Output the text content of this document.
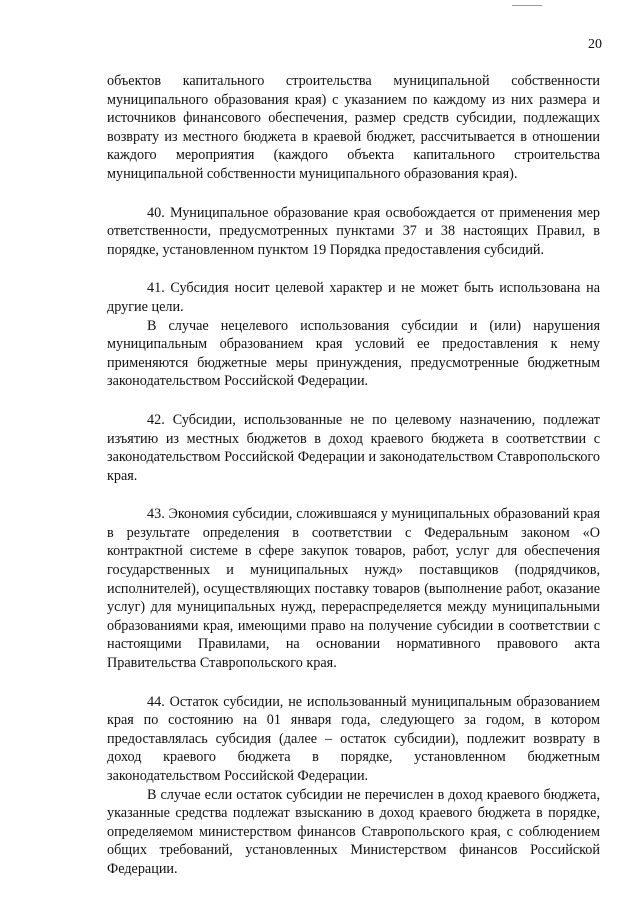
20

объектов капитального строительства муниципальной собственности муниципального образования края) с указанием по каждому из них размера и источников финансового обеспечения, размер средств субсидии, подлежащих возврату из местного бюджета в краевой бюджет, рассчитывается в отношении каждого мероприятия (каждого объекта капитального строительства муниципальной собственности муниципального образования края).

40. Муниципальное образование края освобождается от применения мер ответственности, предусмотренных пунктами 37 и 38 настоящих Правил, в порядке, установленном пунктом 19 Порядка предоставления субсидий.

41. Субсидия носит целевой характер и не может быть использована на другие цели.

В случае нецелевого использования субсидии и (или) нарушения муниципальным образованием края условий ее предоставления к нему применяются бюджетные меры принуждения, предусмотренные бюджетным законодательством Российской Федерации.

42. Субсидии, использованные не по целевому назначению, подлежат изъятию из местных бюджетов в доход краевого бюджета в соответствии с законодательством Российской Федерации и законодательством Ставропольского края.

43. Экономия субсидии, сложившаяся у муниципальных образований края в результате определения в соответствии с Федеральным законом «О контрактной системе в сфере закупок товаров, работ, услуг для обеспечения государственных и муниципальных нужд» поставщиков (подрядчиков, исполнителей), осуществляющих поставку товаров (выполнение работ, оказание услуг) для муниципальных нужд, перераспределяется между муниципальными образованиями края, имеющими право на получение субсидии в соответствии с настоящими Правилами, на основании нормативного правового акта Правительства Ставропольского края.

44. Остаток субсидии, не использованный муниципальным образованием края по состоянию на 01 января года, следующего за годом, в котором предоставлялась субсидия (далее – остаток субсидии), подлежит возврату в доход краевого бюджета в порядке, установленном бюджетным законодательством Российской Федерации.

В случае если остаток субсидии не перечислен в доход краевого бюджета, указанные средства подлежат взысканию в доход краевого бюджета в порядке, определяемом министерством финансов Ставропольского края, с соблюдением общих требований, установленных Министерством финансов Российской Федерации.
